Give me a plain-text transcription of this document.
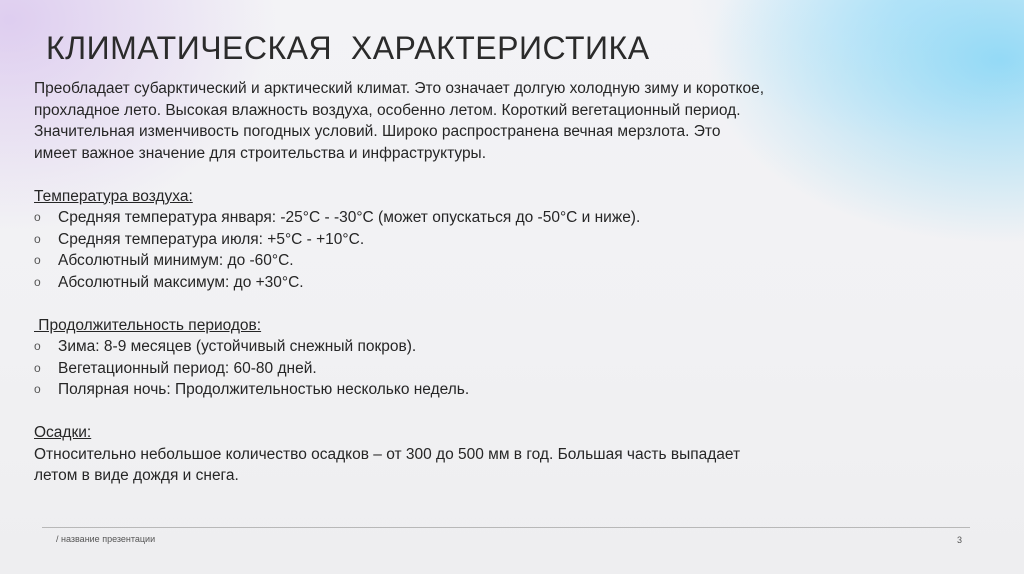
КЛИМАТИЧЕСКАЯ  ХАРАКТЕРИСТИКА

Преобладает субарктический и арктический климат. Это означает долгую холодную зиму и короткое, прохладное лето. Высокая влажность воздуха, особенно летом. Короткий вегетационный период. Значительная изменчивость погодных условий. Широко распространена вечная мерзлота. Это имеет важное значение для строительства и инфраструктуры.

Температура воздуха:

o Средняя температура января: -25°C - -30°C (может опускаться до -50°C и ниже).
o Средняя температура июля: +5°C - +10°C.
o Абсолютный минимум: до -60°C.
o Абсолютный максимум: до +30°C.

Продолжительность периодов:

o Зима: 8-9 месяцев (устойчивый снежный покров).
o Вегетационный период: 60-80 дней.
o Полярная ночь: Продолжительностью несколько недель.

Осадки:

Относительно небольшое количество осадков – от 300 до 500 мм в год. Большая часть выпадает летом в виде дождя и снега.

/ название презентации	3
